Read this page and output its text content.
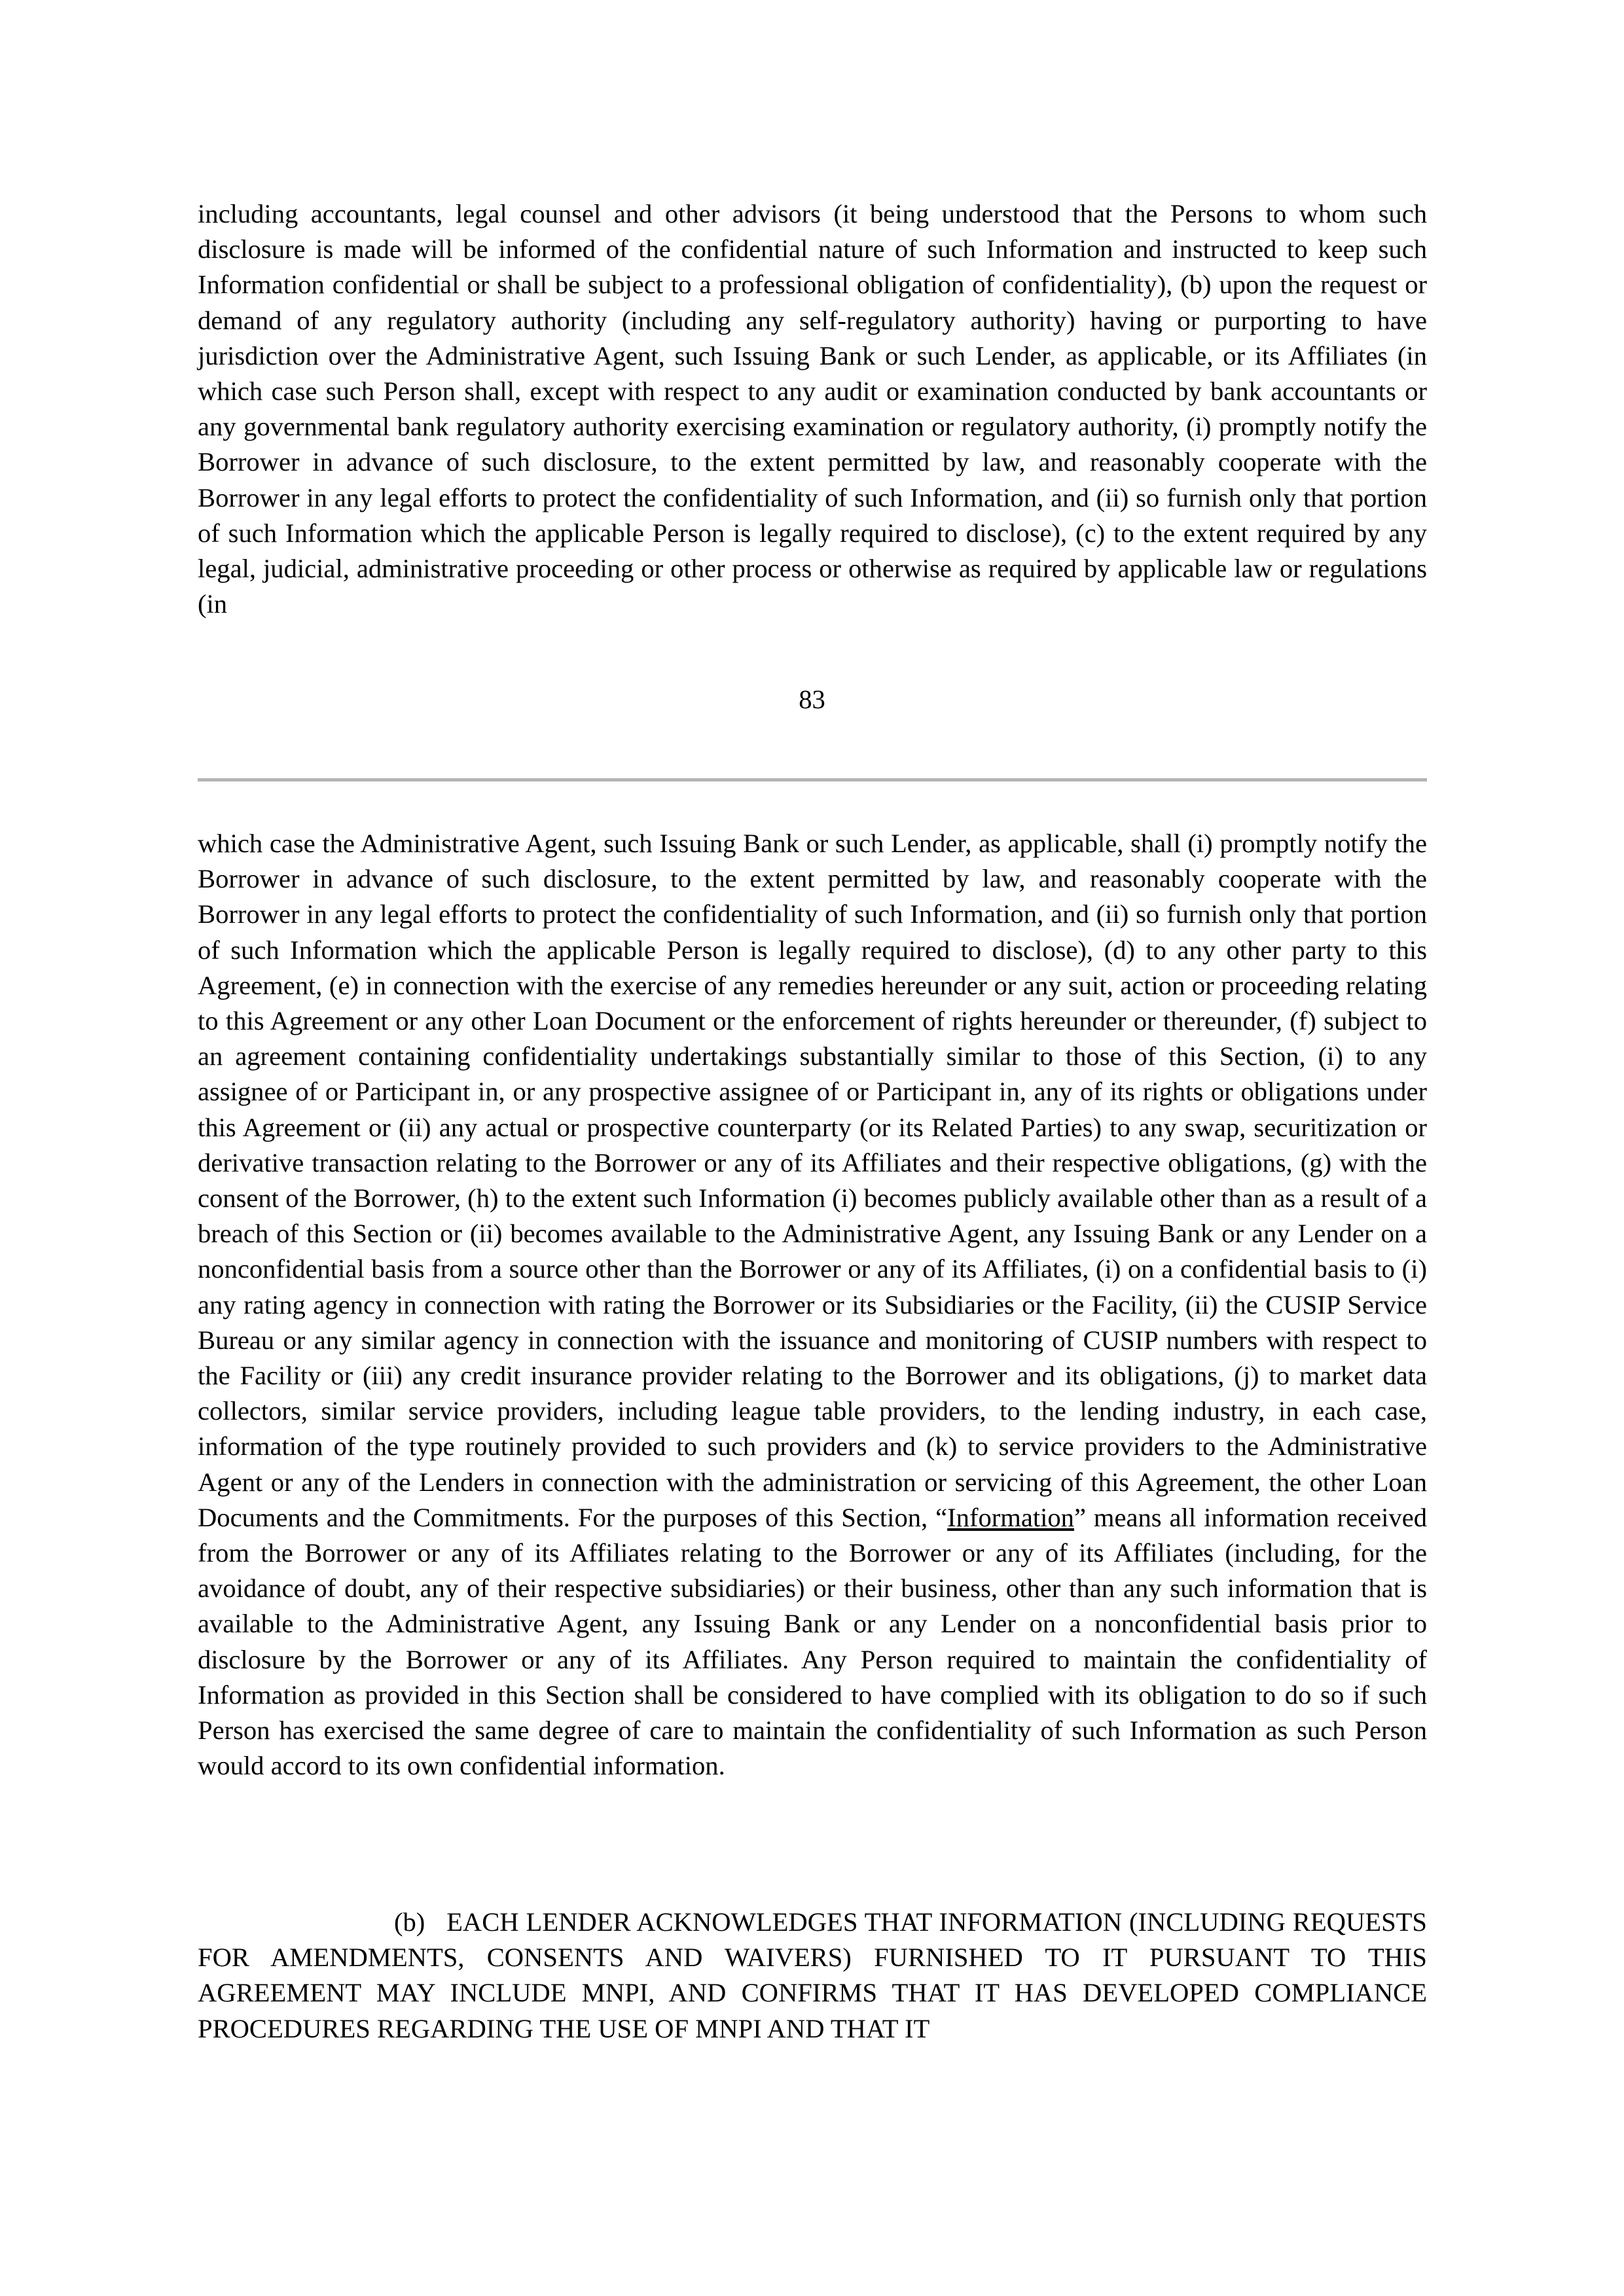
including accountants, legal counsel and other advisors (it being understood that the Persons to whom such disclosure is made will be informed of the confidential nature of such Information and instructed to keep such Information confidential or shall be subject to a professional obligation of confidentiality), (b) upon the request or demand of any regulatory authority (including any self-regulatory authority) having or purporting to have jurisdiction over the Administrative Agent, such Issuing Bank or such Lender, as applicable, or its Affiliates (in which case such Person shall, except with respect to any audit or examination conducted by bank accountants or any governmental bank regulatory authority exercising examination or regulatory authority, (i) promptly notify the Borrower in advance of such disclosure, to the extent permitted by law, and reasonably cooperate with the Borrower in any legal efforts to protect the confidentiality of such Information, and (ii) so furnish only that portion of such Information which the applicable Person is legally required to disclose), (c) to the extent required by any legal, judicial, administrative proceeding or other process or otherwise as required by applicable law or regulations (in

83

which case the Administrative Agent, such Issuing Bank or such Lender, as applicable, shall (i) promptly notify the Borrower in advance of such disclosure, to the extent permitted by law, and reasonably cooperate with the Borrower in any legal efforts to protect the confidentiality of such Information, and (ii) so furnish only that portion of such Information which the applicable Person is legally required to disclose), (d) to any other party to this Agreement, (e) in connection with the exercise of any remedies hereunder or any suit, action or proceeding relating to this Agreement or any other Loan Document or the enforcement of rights hereunder or thereunder, (f) subject to an agreement containing confidentiality undertakings substantially similar to those of this Section, (i) to any assignee of or Participant in, or any prospective assignee of or Participant in, any of its rights or obligations under this Agreement or (ii) any actual or prospective counterparty (or its Related Parties) to any swap, securitization or derivative transaction relating to the Borrower or any of its Affiliates and their respective obligations, (g) with the consent of the Borrower, (h) to the extent such Information (i) becomes publicly available other than as a result of a breach of this Section or (ii) becomes available to the Administrative Agent, any Issuing Bank or any Lender on a nonconfidential basis from a source other than the Borrower or any of its Affiliates, (i) on a confidential basis to (i) any rating agency in connection with rating the Borrower or its Subsidiaries or the Facility, (ii) the CUSIP Service Bureau or any similar agency in connection with the issuance and monitoring of CUSIP numbers with respect to the Facility or (iii) any credit insurance provider relating to the Borrower and its obligations, (j) to market data collectors, similar service providers, including league table providers, to the lending industry, in each case, information of the type routinely provided to such providers and (k) to service providers to the Administrative Agent or any of the Lenders in connection with the administration or servicing of this Agreement, the other Loan Documents and the Commitments. For the purposes of this Section, “Information” means all information received from the Borrower or any of its Affiliates relating to the Borrower or any of its Affiliates (including, for the avoidance of doubt, any of their respective subsidiaries) or their business, other than any such information that is available to the Administrative Agent, any Issuing Bank or any Lender on a nonconfidential basis prior to disclosure by the Borrower or any of its Affiliates. Any Person required to maintain the confidentiality of Information as provided in this Section shall be considered to have complied with its obligation to do so if such Person has exercised the same degree of care to maintain the confidentiality of such Information as such Person would accord to its own confidential information.

(b)   EACH LENDER ACKNOWLEDGES THAT INFORMATION (INCLUDING REQUESTS FOR AMENDMENTS, CONSENTS AND WAIVERS) FURNISHED TO IT PURSUANT TO THIS AGREEMENT MAY INCLUDE MNPI, AND CONFIRMS THAT IT HAS DEVELOPED COMPLIANCE PROCEDURES REGARDING THE USE OF MNPI AND THAT IT
